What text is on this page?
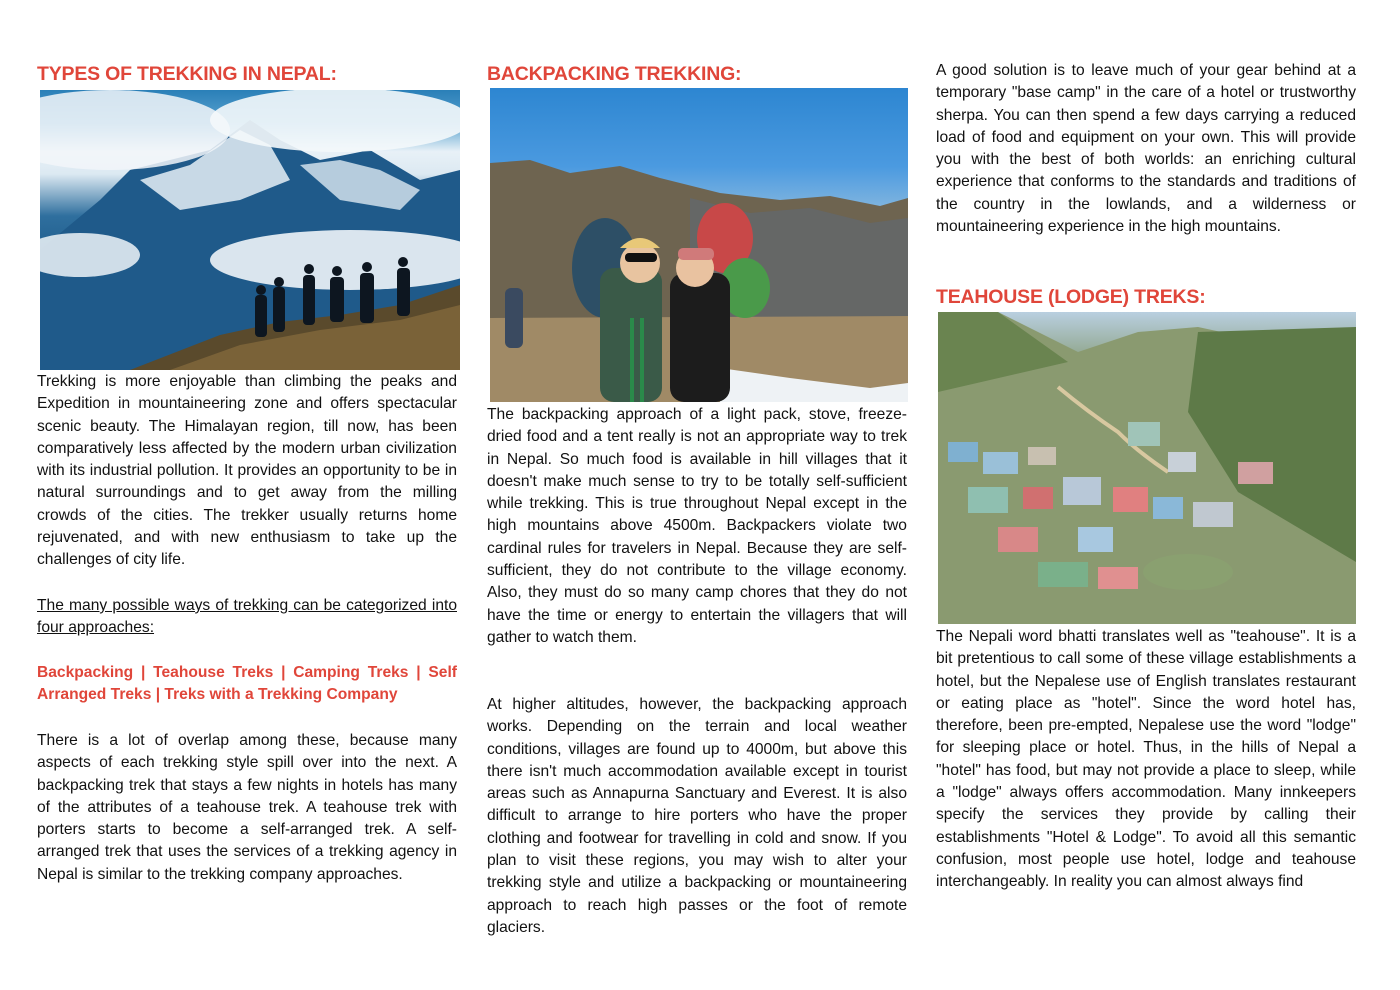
TYPES OF TREKKING IN NEPAL:

Trekking is more enjoyable than climbing the peaks and Expedition in mountaineering zone and offers spectacular scenic beauty. The Himalayan region, till now, has been comparatively less affected by the modern urban civilization with its industrial pollution. It provides an opportunity to be in natural surroundings and to get away from the milling crowds of the cities. The trekker usually returns home rejuvenated, and with new enthusiasm to take up the challenges of city life.

The many possible ways of trekking can be categorized into four approaches:

Backpacking | Teahouse Treks | Camping Treks | Self Arranged Treks | Treks with a Trekking Company

There is a lot of overlap among these, because many aspects of each trekking style spill over into the next. A backpacking trek that stays a few nights in hotels has many of the attributes of a teahouse trek. A teahouse trek with porters starts to become a self-arranged trek. A self- arranged trek that uses the services of a trekking agency in Nepal is similar to the trekking company approaches.

BACKPACKING TREKKING:

The backpacking approach of a light pack, stove, freeze-dried food and a tent really is not an appropriate way to trek in Nepal. So much food is available in hill villages that it doesn't make much sense to try to be totally self-sufficient while trekking. This is true throughout Nepal except in the high mountains above 4500m. Backpackers violate two cardinal rules for travelers in Nepal. Because they are self-sufficient, they do not contribute to the village economy. Also, they must do so many camp chores that they do not have the time or energy to entertain the villagers that will gather to watch them.

At higher altitudes, however, the backpacking approach works. Depending on the terrain and local weather conditions, villages are found up to 4000m, but above this there isn't much accommodation available except in tourist areas such as Annapurna Sanctuary and Everest. It is also difficult to arrange to hire porters who have the proper clothing and footwear for travelling in cold and snow. If you plan to visit these regions, you may wish to alter your trekking style and utilize a backpacking or mountaineering approach to reach high passes or the foot of remote glaciers.

A good solution is to leave much of your gear behind at a temporary "base camp" in the care of a hotel or trustworthy sherpa. You can then spend a few days carrying a reduced load of food and equipment on your own. This will provide you with the best of both worlds: an enriching cultural experience that conforms to the standards and traditions of the country in the lowlands, and a wilderness or mountaineering experience in the high mountains.

TEAHOUSE (LODGE) TREKS:

The Nepali word bhatti translates well as "teahouse". It is a bit pretentious to call some of these village establishments a hotel, but the Nepalese use of English translates restaurant or eating place as "hotel". Since the word hotel has, therefore, been pre-empted, Nepalese use the word "lodge" for sleeping place or hotel. Thus, in the hills of Nepal a "hotel" has food, but may not provide a place to sleep, while a "lodge" always offers accommodation. Many innkeepers specify the services they provide by calling their establishments "Hotel & Lodge". To avoid all this semantic confusion, most people use hotel, lodge and teahouse interchangeably. In reality you can almost always find
